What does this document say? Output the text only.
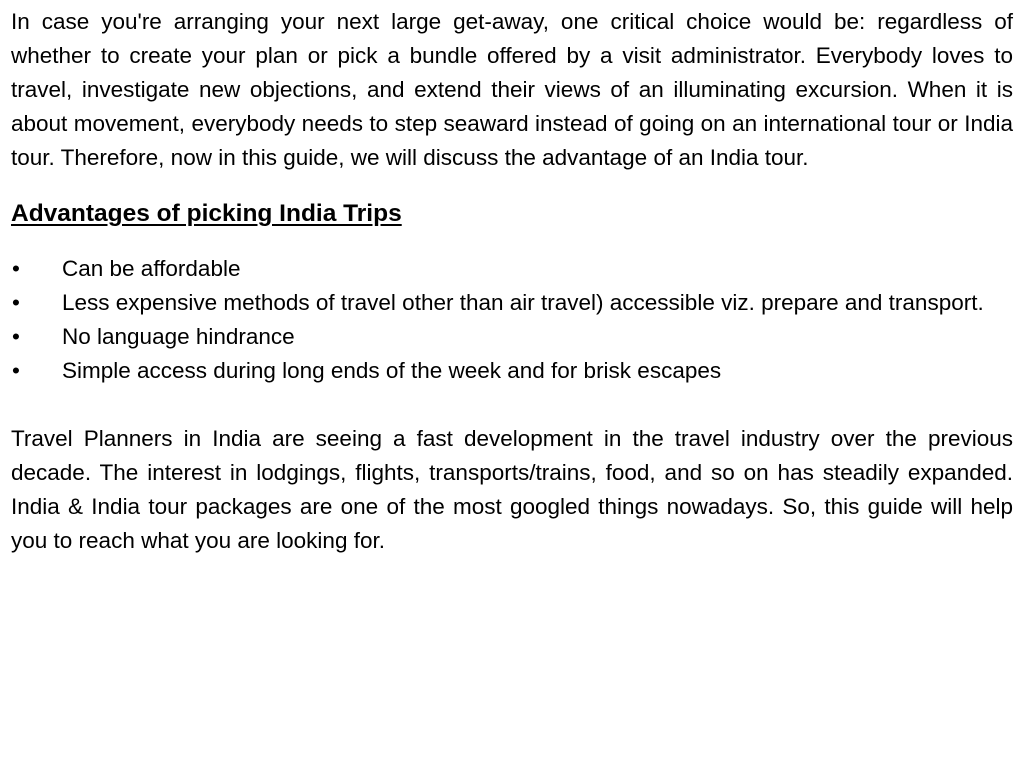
In case you're arranging your next large get-away, one critical choice would be: regardless of whether to create your plan or pick a bundle offered by a visit administrator. Everybody loves to travel, investigate new objections, and extend their views of an illuminating excursion. When it is about movement, everybody needs to step seaward instead of going on an international tour or India tour. Therefore, now in this guide, we will discuss the advantage of an India tour.

Advantages of picking India Trips
• Can be affordable
• Less expensive methods of travel other than air travel) accessible viz. prepare and transport.
• No language hindrance
• Simple access during long ends of the week and for brisk escapes

Travel Planners in India are seeing a fast development in the travel industry over the previous decade. The interest in lodgings, flights, transports/trains, food, and so on has steadily expanded. India & India tour packages are one of the most googled things nowadays. So, this guide will help you to reach what you are looking for.
